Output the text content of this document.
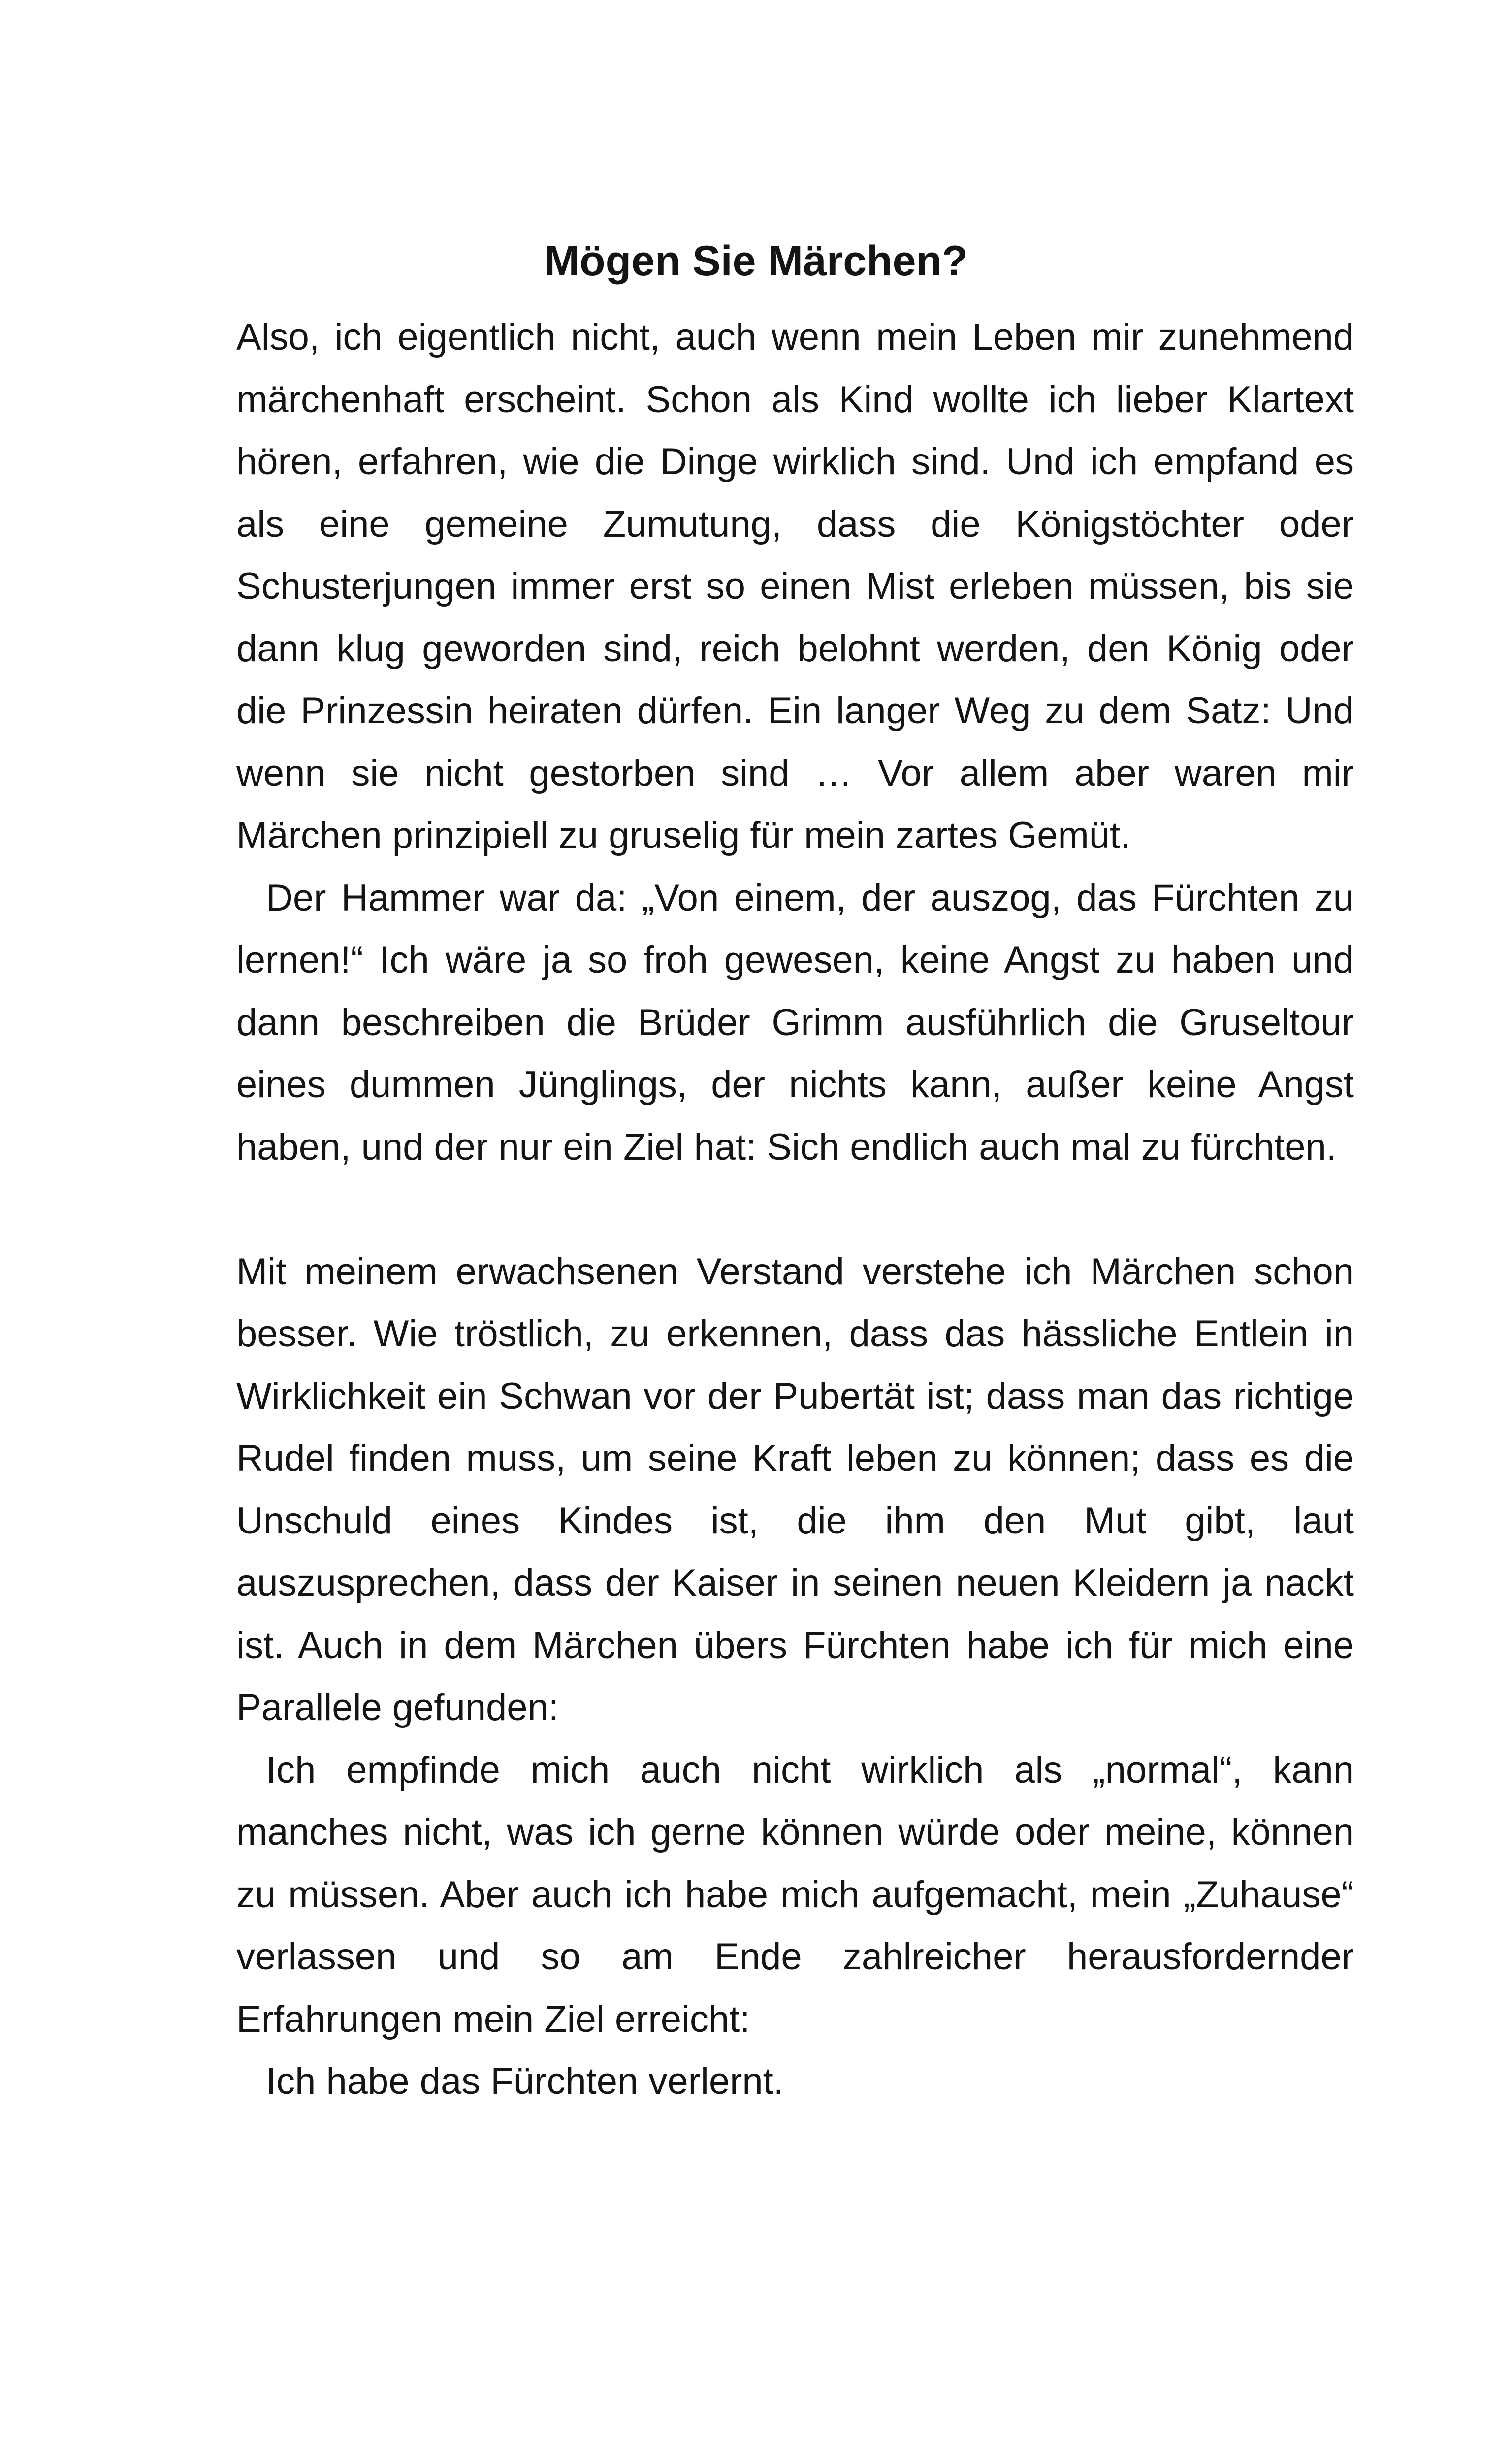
Mögen Sie Märchen?

Also, ich eigentlich nicht, auch wenn mein Leben mir zunehmend märchenhaft erscheint. Schon als Kind wollte ich lieber Klartext hören, erfahren, wie die Dinge wirklich sind. Und ich empfand es als eine gemeine Zumutung, dass die Königstöchter oder Schusterjungen immer erst so einen Mist erleben müssen, bis sie dann klug geworden sind, reich belohnt werden, den König oder die Prinzessin heiraten dürfen. Ein langer Weg zu dem Satz: Und wenn sie nicht gestorben sind … Vor allem aber waren mir Märchen prinzipiell zu gruselig für mein zartes Gemüt.

Der Hammer war da: „Von einem, der auszog, das Fürchten zu lernen!“ Ich wäre ja so froh gewesen, keine Angst zu haben und dann beschreiben die Brüder Grimm ausführlich die Gruseltour eines dummen Jünglings, der nichts kann, außer keine Angst haben, und der nur ein Ziel hat: Sich endlich auch mal zu fürchten.

Mit meinem erwachsenen Verstand verstehe ich Märchen schon besser. Wie tröstlich, zu erkennen, dass das hässliche Entlein in Wirklichkeit ein Schwan vor der Pubertät ist; dass man das richtige Rudel finden muss, um seine Kraft leben zu können; dass es die Unschuld eines Kindes ist, die ihm den Mut gibt, laut auszusprechen, dass der Kaiser in seinen neuen Kleidern ja nackt ist. Auch in dem Märchen übers Fürchten habe ich für mich eine Parallele gefunden:

Ich empfinde mich auch nicht wirklich als „normal“, kann manches nicht, was ich gerne können würde oder meine, können zu müssen. Aber auch ich habe mich aufgemacht, mein „Zuhause“ verlassen und so am Ende zahlreicher herausfordernder Erfahrungen mein Ziel erreicht:

Ich habe das Fürchten verlernt.
